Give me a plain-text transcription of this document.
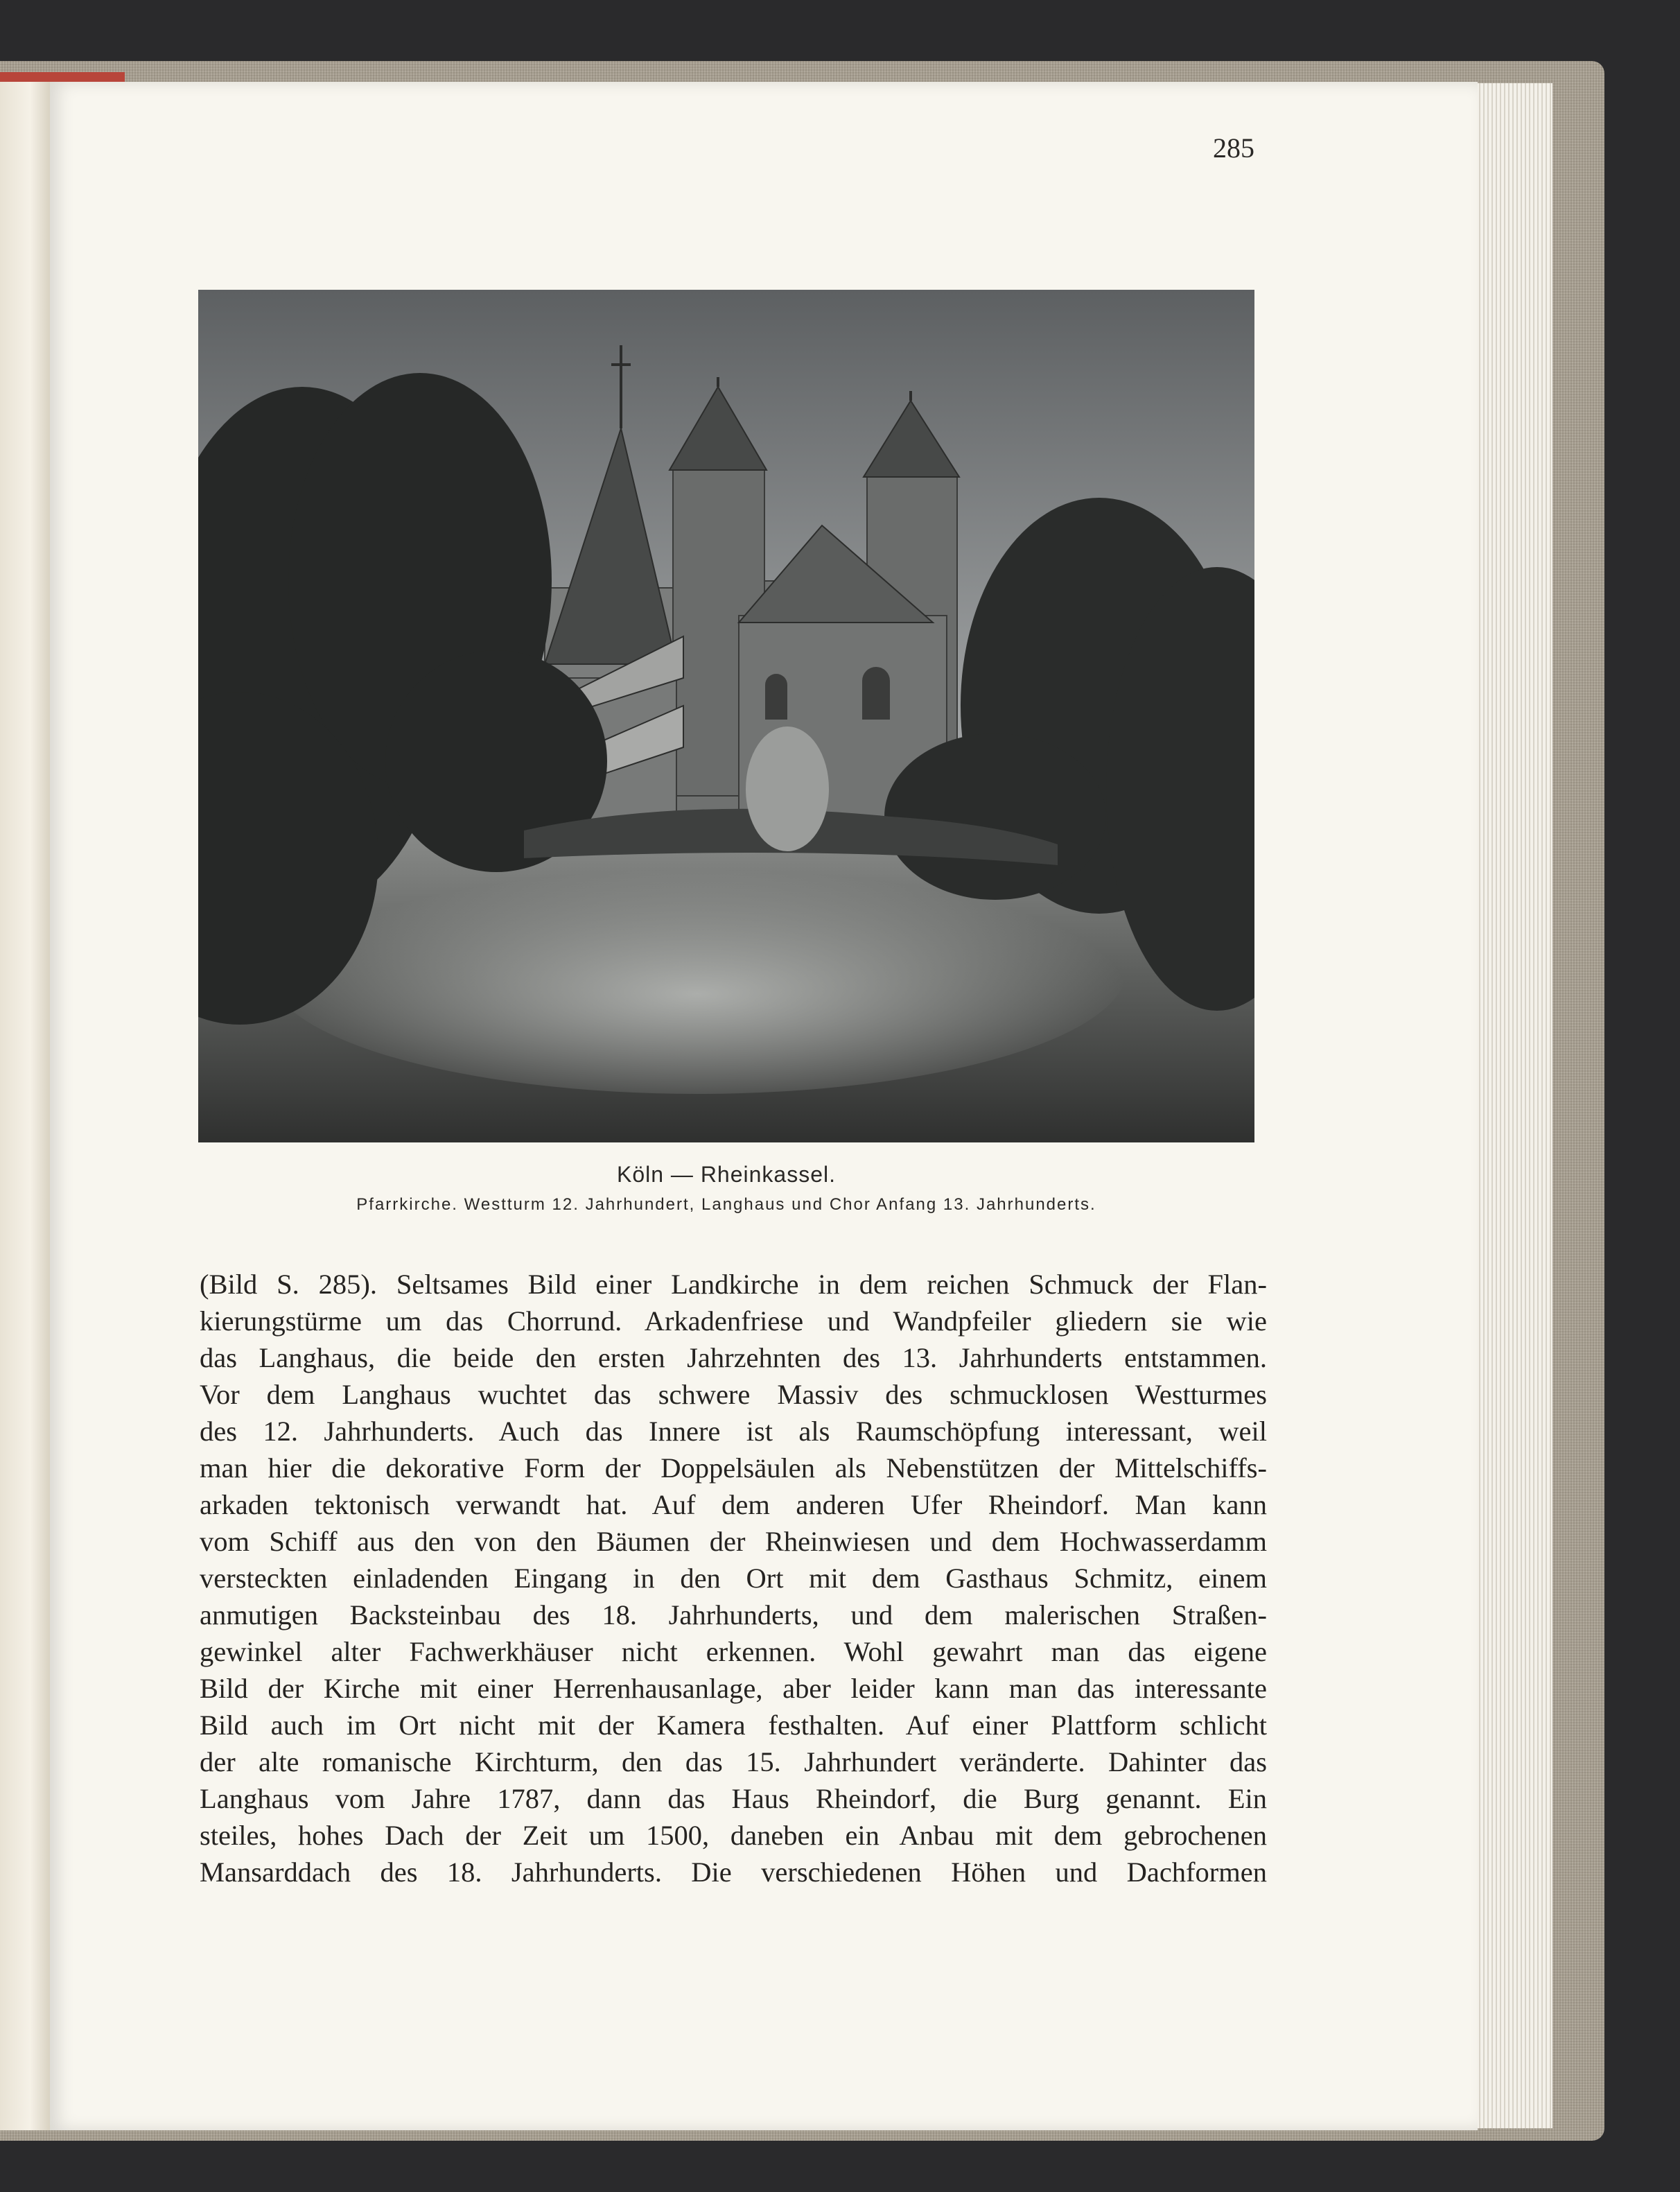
285
Köln — Rheinkassel.
Pfarrkirche. Westturm 12. Jahrhundert, Langhaus und Chor Anfang 13. Jahrhunderts.
(Bild S. 285). Seltsames Bild einer Landkirche in dem reichen Schmuck der Flan-
kierungstürme um das Chorrund. Arkadenfriese und Wandpfeiler gliedern sie wie
das Langhaus, die beide den ersten Jahrzehnten des 13. Jahrhunderts entstammen.
Vor dem Langhaus wuchtet das schwere Massiv des schmucklosen Westturmes
des 12. Jahrhunderts. Auch das Innere ist als Raumschöpfung interessant, weil
man hier die dekorative Form der Doppelsäulen als Nebenstützen der Mittelschiffs-
arkaden tektonisch verwandt hat. Auf dem anderen Ufer Rheindorf. Man kann
vom Schiff aus den von den Bäumen der Rheinwiesen und dem Hochwasserdamm
versteckten einladenden Eingang in den Ort mit dem Gasthaus Schmitz, einem
anmutigen Backsteinbau des 18. Jahrhunderts, und dem malerischen Straßen-
gewinkel alter Fachwerkhäuser nicht erkennen. Wohl gewahrt man das eigene
Bild der Kirche mit einer Herrenhausanlage, aber leider kann man das interessante
Bild auch im Ort nicht mit der Kamera festhalten. Auf einer Plattform schlicht
der alte romanische Kirchturm, den das 15. Jahrhundert veränderte. Dahinter das
Langhaus vom Jahre 1787, dann das Haus Rheindorf, die Burg genannt. Ein
steiles, hohes Dach der Zeit um 1500, daneben ein Anbau mit dem gebrochenen
Mansarddach des 18. Jahrhunderts. Die verschiedenen Höhen und Dachformen
